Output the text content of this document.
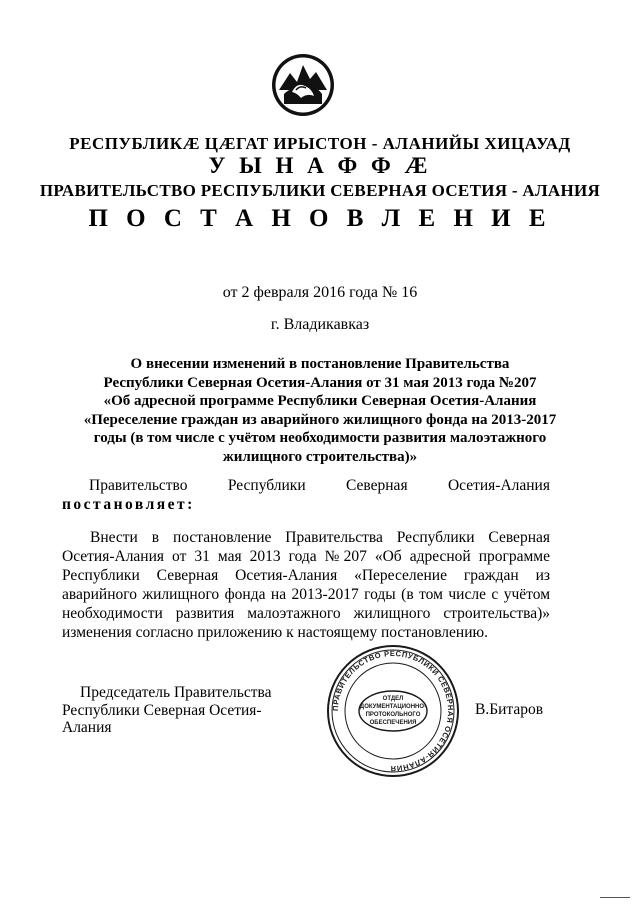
РЕСПУБЛИКӔ ЦӔГАТ ИРЫСТОН - АЛАНИЙЫ ХИЦАУАД
У Ы Н А Ф Ф Ӕ
ПРАВИТЕЛЬСТВО РЕСПУБЛИКИ СЕВЕРНАЯ ОСЕТИЯ - АЛАНИЯ
П О С Т А Н О В Л Е Н И Е
от 2 февраля 2016 года № 16
г. Владикавказ
О внесении изменений в постановление Правительства
Республики Северная Осетия-Алания от 31 мая 2013 года №207
«Об адресной программе Республики Северная Осетия-Алания
«Переселение граждан из аварийного жилищного фонда на 2013-2017
годы (в том числе с учётом необходимости развития малоэтажного
жилищного строительства)»
Правительство	Республики	Северная	Осетия-Алания
постановляет:
Внести в постановление Правительства Республики Северная Осетия-Алания от 31 мая 2013 года №207 «Об адресной программе Республики Северная Осетия-Алания «Переселение граждан из аварийного жилищного фонда на 2013-2017 годы (в том числе с учётом необходимости развития малоэтажного жилищного строительства)» изменения согласно приложению к настоящему постановлению.
Председатель Правительства
Республики Северная Осетия-Алания
В.Битаров
ПРАВИТЕЛЬСТВО РЕСПУБЛИКИ СЕВЕРНАЯ ОСЕТИЯ-АЛАНИЯ
ОТДЕЛ
ДОКУМЕНТАЦИОННО-
ПРОТОКОЛЬНОГО
ОБЕСПЕЧЕНИЯ
